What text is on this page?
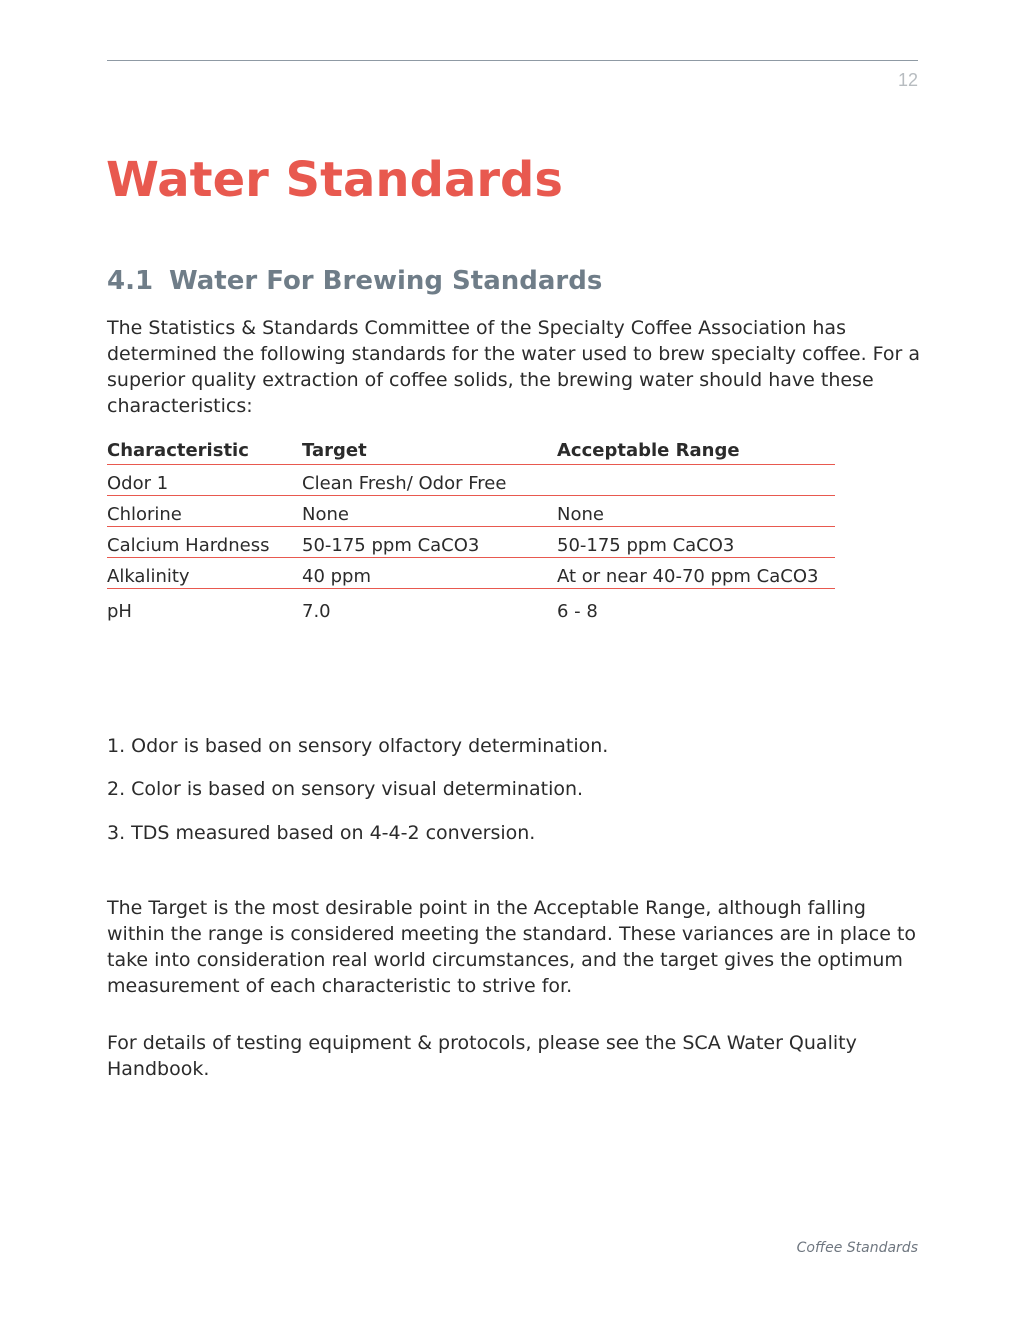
12
Water Standards
4.1 Water For Brewing Standards

The Statistics & Standards Committee of the Specialty Coffee Association has determined the following standards for the water used to brew specialty coffee. For a superior quality extraction of coffee solids, the brewing water should have these characteristics:

Characteristic	Target	Acceptable Range
Odor 1	Clean Fresh/ Odor Free	
Chlorine	None	None
Calcium Hardness	50-175 ppm CaCO3	50-175 ppm CaCO3
Alkalinity	40 ppm	At or near 40-70 ppm CaCO3
pH	7.0	6 - 8

1. Odor is based on sensory olfactory determination.

2. Color is based on sensory visual determination.

3. TDS measured based on 4-4-2 conversion.

The Target is the most desirable point in the Acceptable Range, although falling within the range is considered meeting the standard. These variances are in place to take into consideration real world circumstances, and the target gives the optimum measurement of each characteristic to strive for.

For details of testing equipment & protocols, please see the SCA Water Quality Handbook.

Coffee Standards
